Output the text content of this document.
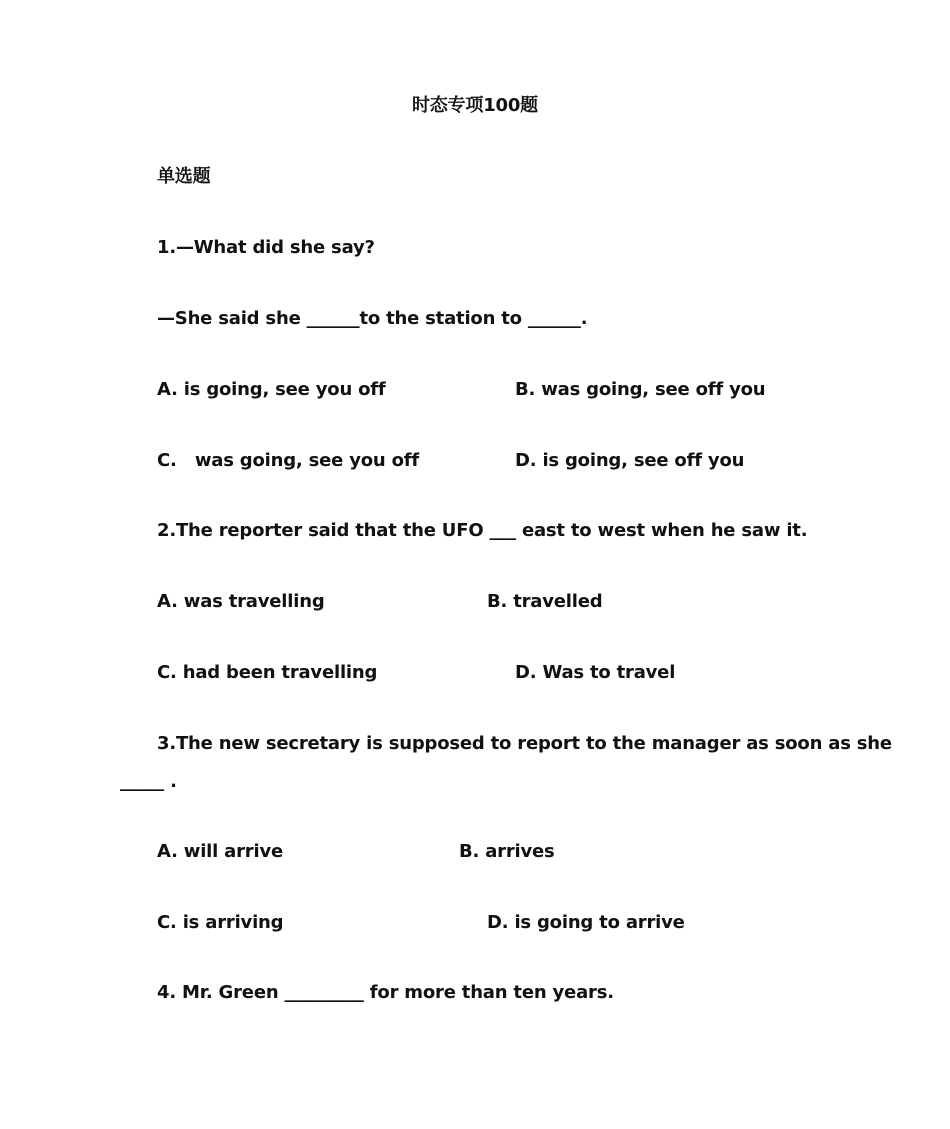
时态专项100题
单选题
1.—What did she say?
—She said she ______to the station to ______.
A. is going, see you off	B. was going, see off you
C.   was going, see you off	D. is going, see off you
2.The reporter said that the UFO ___ east to west when he saw it.
A. was travelling	B. travelled
C. had been travelling	D. Was to travel
3.The new secretary is supposed to report to the manager as soon as she
_____ .
A. will arrive	B. arrives
C. is arriving	D. is going to arrive
4. Mr. Green _________ for more than ten years.
